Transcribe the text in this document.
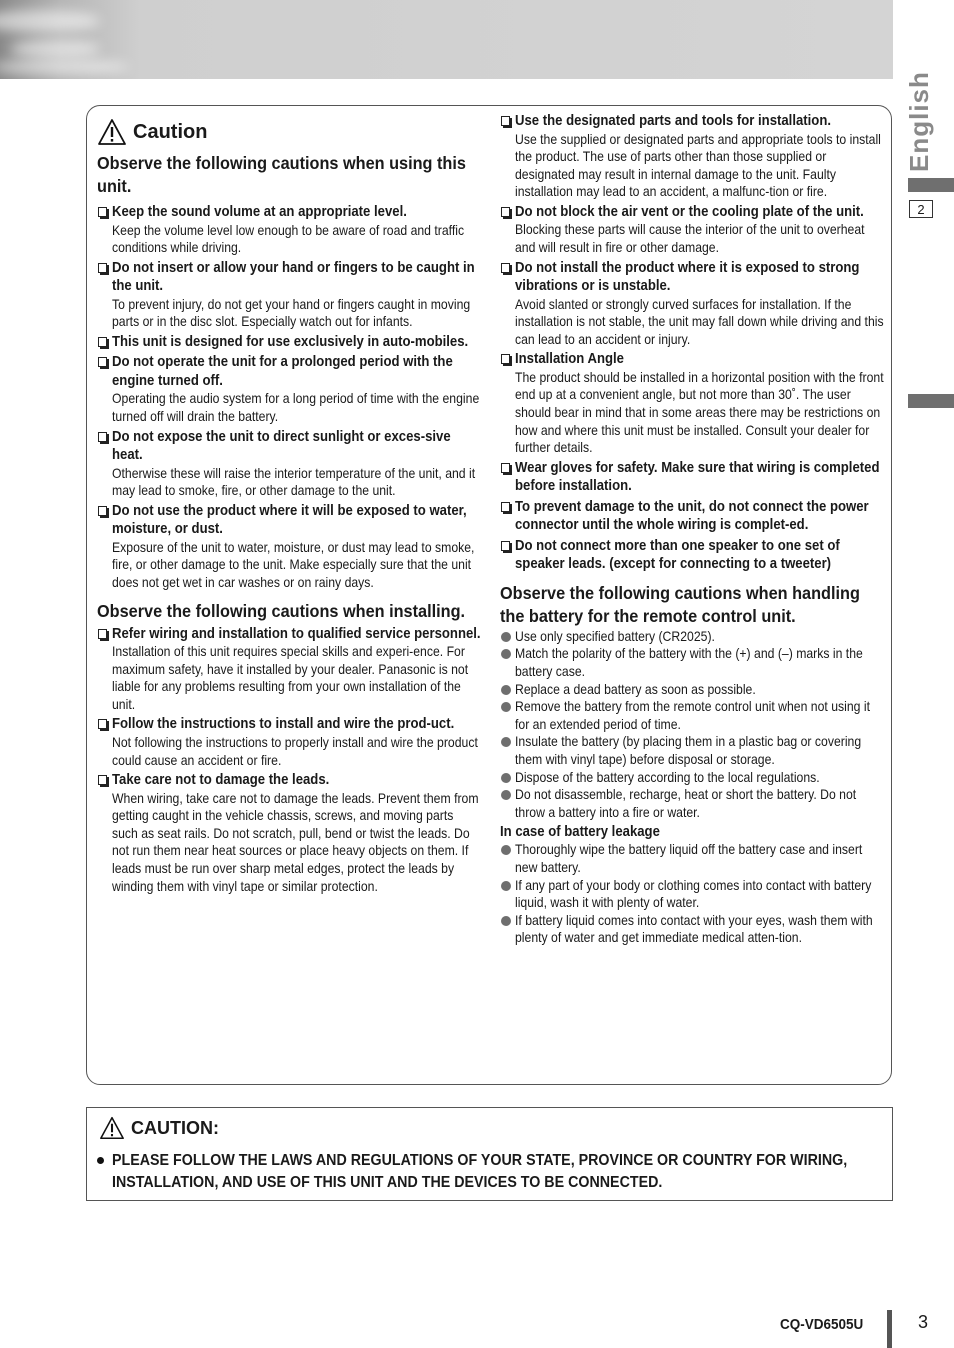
English
2
Caution
Observe the following cautions when using this unit.
Keep the sound volume at an appropriate level.
Keep the volume level low enough to be aware of road and traffic conditions while driving.
Do not insert or allow your hand or fingers to be caught in the unit.
To prevent injury, do not get your hand or fingers caught in moving parts or in the disc slot. Especially watch out for infants.
This unit is designed for use exclusively in auto-mobiles.
Do not operate the unit for a prolonged period with the engine turned off.
Operating the audio system for a long period of time with the engine turned off will drain the battery.
Do not expose the unit to direct sunlight or exces-sive heat.
Otherwise these will raise the interior temperature of the unit, and it may lead to smoke, fire, or other damage to the unit.
Do not use the product where it will be exposed to water, moisture, or dust.
Exposure of the unit to water, moisture, or dust may lead to smoke, fire, or other damage to the unit. Make especially sure that the unit does not get wet in car washes or on rainy days.
Observe the following cautions when installing.
Refer wiring and installation to qualified service personnel.
Installation of this unit requires special skills and experi-ence. For maximum safety, have it installed by your dealer. Panasonic is not liable for any problems resulting from your own installation of the unit.
Follow the instructions to install and wire the prod-uct.
Not following the instructions to properly install and wire the product could cause an accident or fire.
Take care not to damage the leads.
When wiring, take care not to damage the leads. Prevent them from getting caught in the vehicle chassis, screws, and moving parts such as seat rails. Do not scratch, pull, bend or twist the leads. Do not run them near heat sources or place heavy objects on them. If leads must be run over sharp metal edges, protect the leads by winding them with vinyl tape or similar protection.
Use the designated parts and tools for installation.
Use the supplied or designated parts and appropriate tools to install the product. The use of parts other than those supplied or designated may result in internal damage to the unit. Faulty installation may lead to an accident, a malfunc-tion or fire.
Do not block the air vent or the cooling plate of the unit.
Blocking these parts will cause the interior of the unit to overheat and will result in fire or other damage.
Do not install the product where it is exposed to strong vibrations or is unstable.
Avoid slanted or strongly curved surfaces for installation. If the installation is not stable, the unit may fall down while driving and this can lead to an accident or injury.
Installation Angle
The product should be installed in a horizontal position with the front end up at a convenient angle, but not more than 30˚. The user should bear in mind that in some areas there may be restrictions on how and where this unit must be installed. Consult your dealer for further details.
Wear gloves for safety. Make sure that wiring is completed before installation.
To prevent damage to the unit, do not connect the power connector until the whole wiring is complet-ed.
Do not connect more than one speaker to one set of speaker leads. (except for connecting to a tweeter)
Observe the following cautions when handling the battery for the remote control unit.
Use only specified battery (CR2025).
Match the polarity of the battery with the (+) and (–) marks in the battery case.
Replace a dead battery as soon as possible.
Remove the battery from the remote control unit when not using it for an extended period of time.
Insulate the battery (by placing them in a plastic bag or covering them with vinyl tape) before disposal or storage.
Dispose of the battery according to the local regulations.
Do not disassemble, recharge, heat or short the battery. Do not throw a battery into a fire or water.
In case of battery leakage
Thoroughly wipe the battery liquid off the battery case and insert new battery.
If any part of your body or clothing comes into contact with battery liquid, wash it with plenty of water.
If battery liquid comes into contact with your eyes, wash them with plenty of water and get immediate medical atten-tion.
CAUTION:
PLEASE FOLLOW THE LAWS AND REGULATIONS OF YOUR STATE, PROVINCE OR COUNTRY FOR WIRING, INSTALLATION, AND USE OF THIS UNIT AND THE DEVICES TO BE CONNECTED.
CQ-VD6505U	3
